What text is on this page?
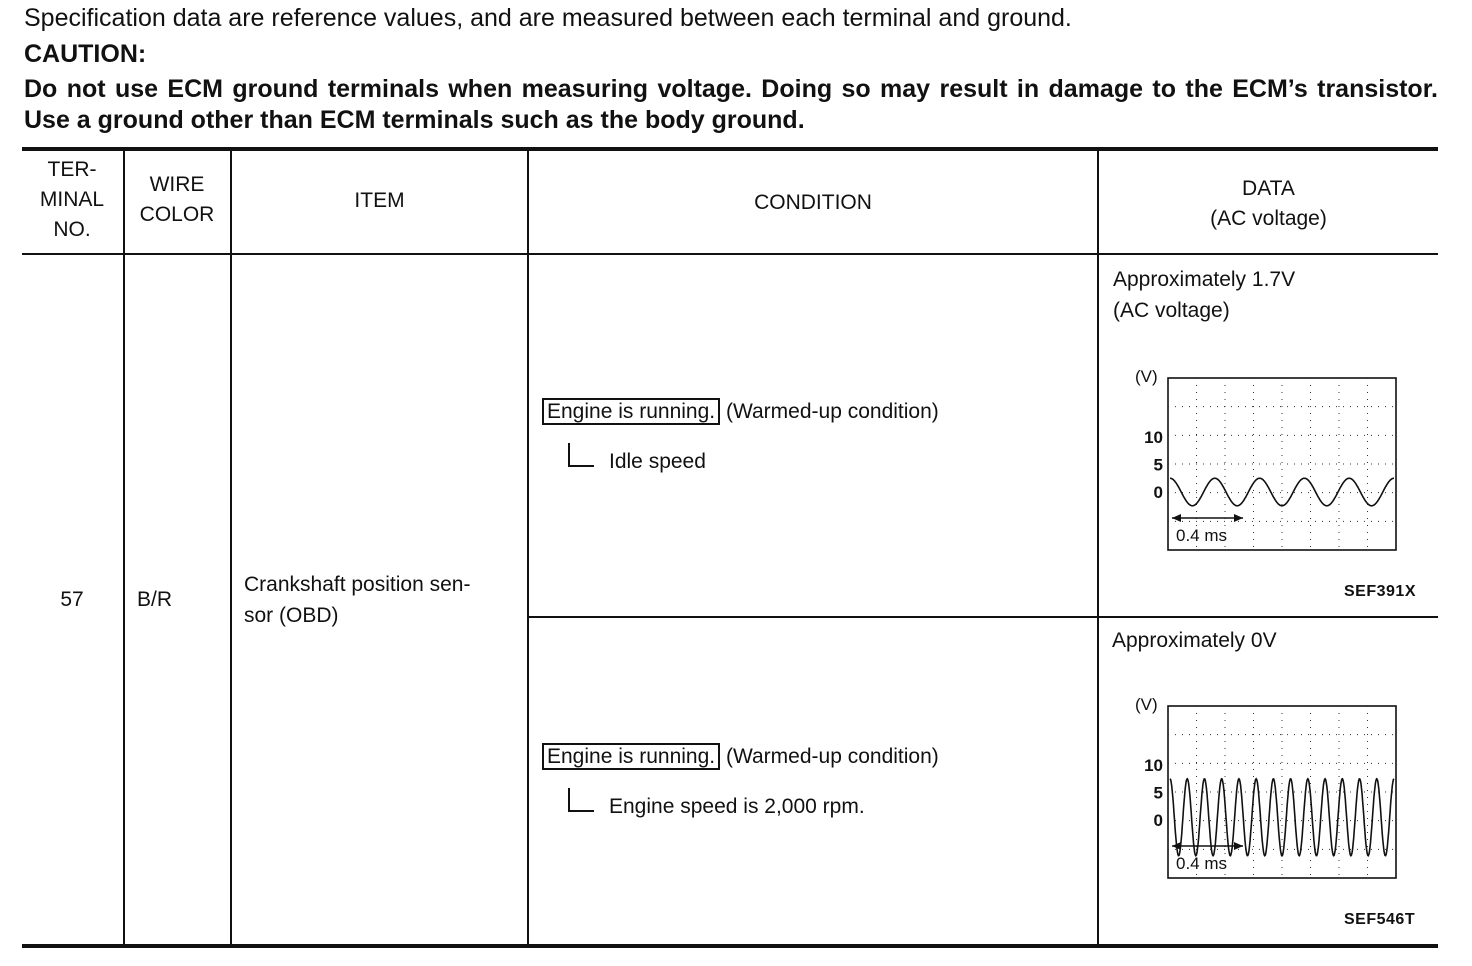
Specification data are reference values, and are measured between each terminal and ground.
CAUTION:
Do not use ECM ground terminals when measuring voltage. Doing so may result in damage to the ECM’s transistor. Use a ground other than ECM terminals such as the body ground.
TER-
MINAL
NO.
WIRE
COLOR
ITEM	CONDITION
DATA
(AC voltage)
57	B/R
Crankshaft position sen-
sor (OBD)
Engine is running. (Warmed-up condition)
Idle speed
Engine is running. (Warmed-up condition)
Engine speed is 2,000 rpm.
Approximately 1.7V
(AC voltage)
(V)
10
5
0
0.4 ms
SEF391X
Approximately 0V
(V)
10
5
0
0.4 ms
SEF546T
